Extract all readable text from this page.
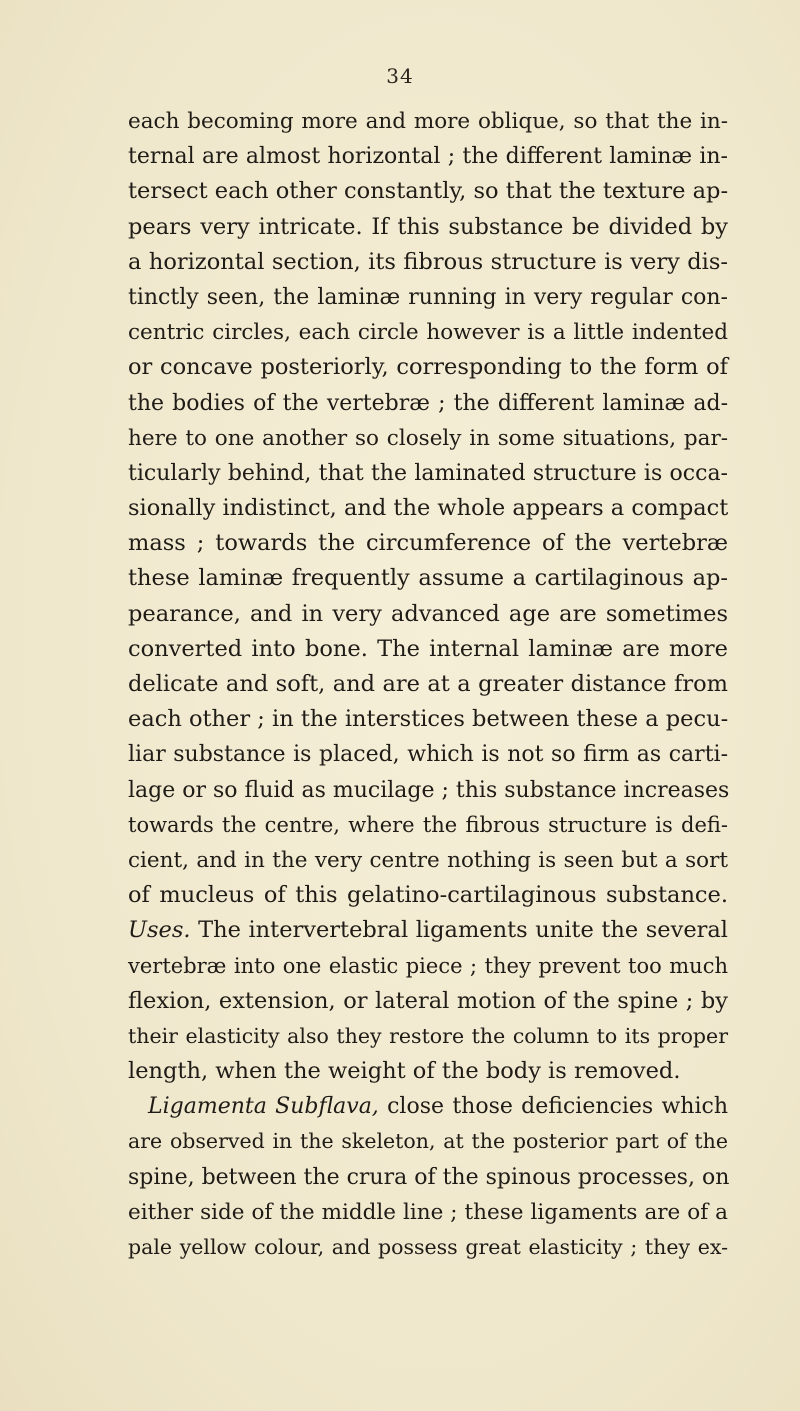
34
each becoming more and more oblique, so that the in-
ternal are almost horizontal ; the different laminæ in-
tersect each other constantly, so that the texture ap-
pears very intricate. If this substance be divided by
a horizontal section, its fibrous structure is very dis-
tinctly seen, the laminæ running in very regular con-
centric circles, each circle however is a little indented
or concave posteriorly, corresponding to the form of
the bodies of the vertebræ ; the different laminæ ad-
here to one another so closely in some situations, par-
ticularly behind, that the laminated structure is occa-
sionally indistinct, and the whole appears a compact
mass ; towards the circumference of the vertebræ
these laminæ frequently assume a cartilaginous ap-
pearance, and in very advanced age are sometimes
converted into bone. The internal laminæ are more
delicate and soft, and are at a greater distance from
each other ; in the interstices between these a pecu-
liar substance is placed, which is not so firm as carti-
lage or so fluid as mucilage ; this substance increases
towards the centre, where the fibrous structure is defi-
cient, and in the very centre nothing is seen but a sort
of mucleus of this gelatino-cartilaginous substance.
Uses. The intervertebral ligaments unite the several
vertebræ into one elastic piece ; they prevent too much
flexion, extension, or lateral motion of the spine ; by
their elasticity also they restore the column to its proper
length, when the weight of the body is removed.
Ligamenta Subflava, close those deficiencies which
are observed in the skeleton, at the posterior part of the
spine, between the crura of the spinous processes, on
either side of the middle line ; these ligaments are of a
pale yellow colour, and possess great elasticity ; they ex-
